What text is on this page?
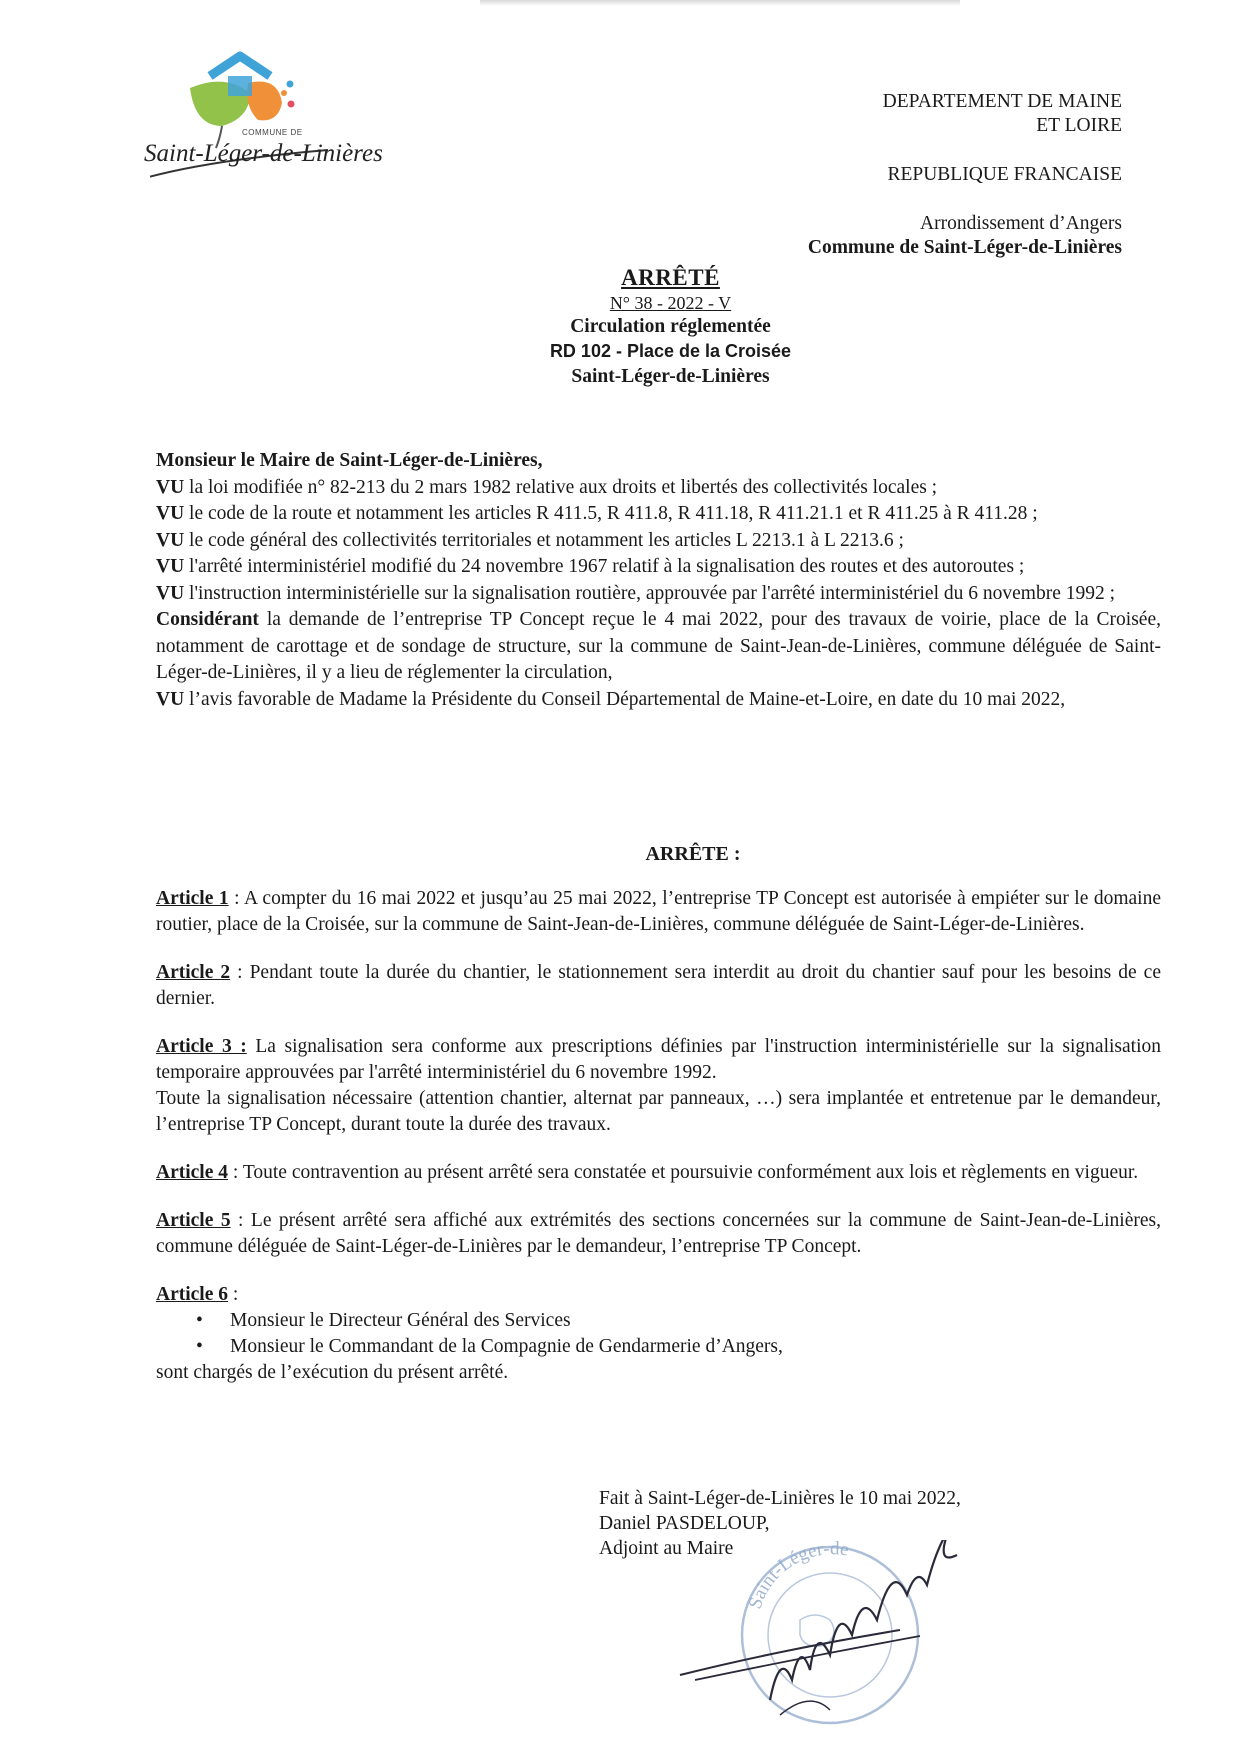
COMMUNE DE
Saint-Léger-de-Linières
DEPARTEMENT DE MAINE
ET LOIRE
REPUBLIQUE FRANCAISE
Arrondissement d’Angers
Commune de Saint-Léger-de-Linières
ARRÊTÉ
N° 38 - 2022 - V
Circulation réglementée
RD 102 - Place de la Croisée
Saint-Léger-de-Linières

Monsieur le Maire de Saint-Léger-de-Linières,

VU la loi modifiée n° 82-213 du 2 mars 1982 relative aux droits et libertés des collectivités locales ;

VU le code de la route et notamment les articles R 411.5, R 411.8, R 411.18, R 411.21.1 et R 411.25 à R 411.28 ;

VU le code général des collectivités territoriales et notamment les articles L 2213.1 à L 2213.6 ;

VU l'arrêté interministériel modifié du 24 novembre 1967 relatif à la signalisation des routes et des autoroutes ;

VU l'instruction interministérielle sur la signalisation routière, approuvée par l'arrêté interministériel du 6 novembre 1992 ;

Considérant la demande de l’entreprise TP Concept reçue le 4 mai 2022, pour des travaux de voirie, place de la Croisée, notamment de carottage et de sondage de structure, sur la commune de Saint-Jean-de-Linières, commune déléguée de Saint-Léger-de-Linières, il y a lieu de réglementer la circulation,

VU l’avis favorable de Madame la Présidente du Conseil Départemental de Maine-et-Loire, en date du 10 mai 2022,

ARRÊTE :

Article 1 : A compter du 16 mai 2022 et jusqu’au 25 mai 2022, l’entreprise TP Concept est autorisée à empiéter sur le domaine routier, place de la Croisée, sur la commune de Saint-Jean-de-Linières, commune déléguée de Saint-Léger-de-Linières.

Article 2 : Pendant toute la durée du chantier, le stationnement sera interdit au droit du chantier sauf pour les besoins de ce dernier.

Article 3 : La signalisation sera conforme aux prescriptions définies par l'instruction interministérielle sur la signalisation temporaire approuvées par l'arrêté interministériel du 6 novembre 1992.

Toute la signalisation nécessaire (attention chantier, alternat par panneaux, …) sera implantée et entretenue par le demandeur, l’entreprise TP Concept, durant toute la durée des travaux.

Article 4 : Toute contravention au présent arrêté sera constatée et poursuivie conformément aux lois et règlements en vigueur.

Article 5 : Le présent arrêté sera affiché aux extrémités des sections concernées sur la commune de Saint-Jean-de-Linières, commune déléguée de Saint-Léger-de-Linières par le demandeur, l’entreprise TP Concept.

Article 6 :

• Monsieur le Directeur Général des Services
• Monsieur le Commandant de la Compagnie de Gendarmerie d’Angers,

sont chargés de l’exécution du présent arrêté.

Fait à Saint-Léger-de-Linières le 10 mai 2022,
Daniel PASDELOUP,
Adjoint au Maire
Saint-Léger-de
